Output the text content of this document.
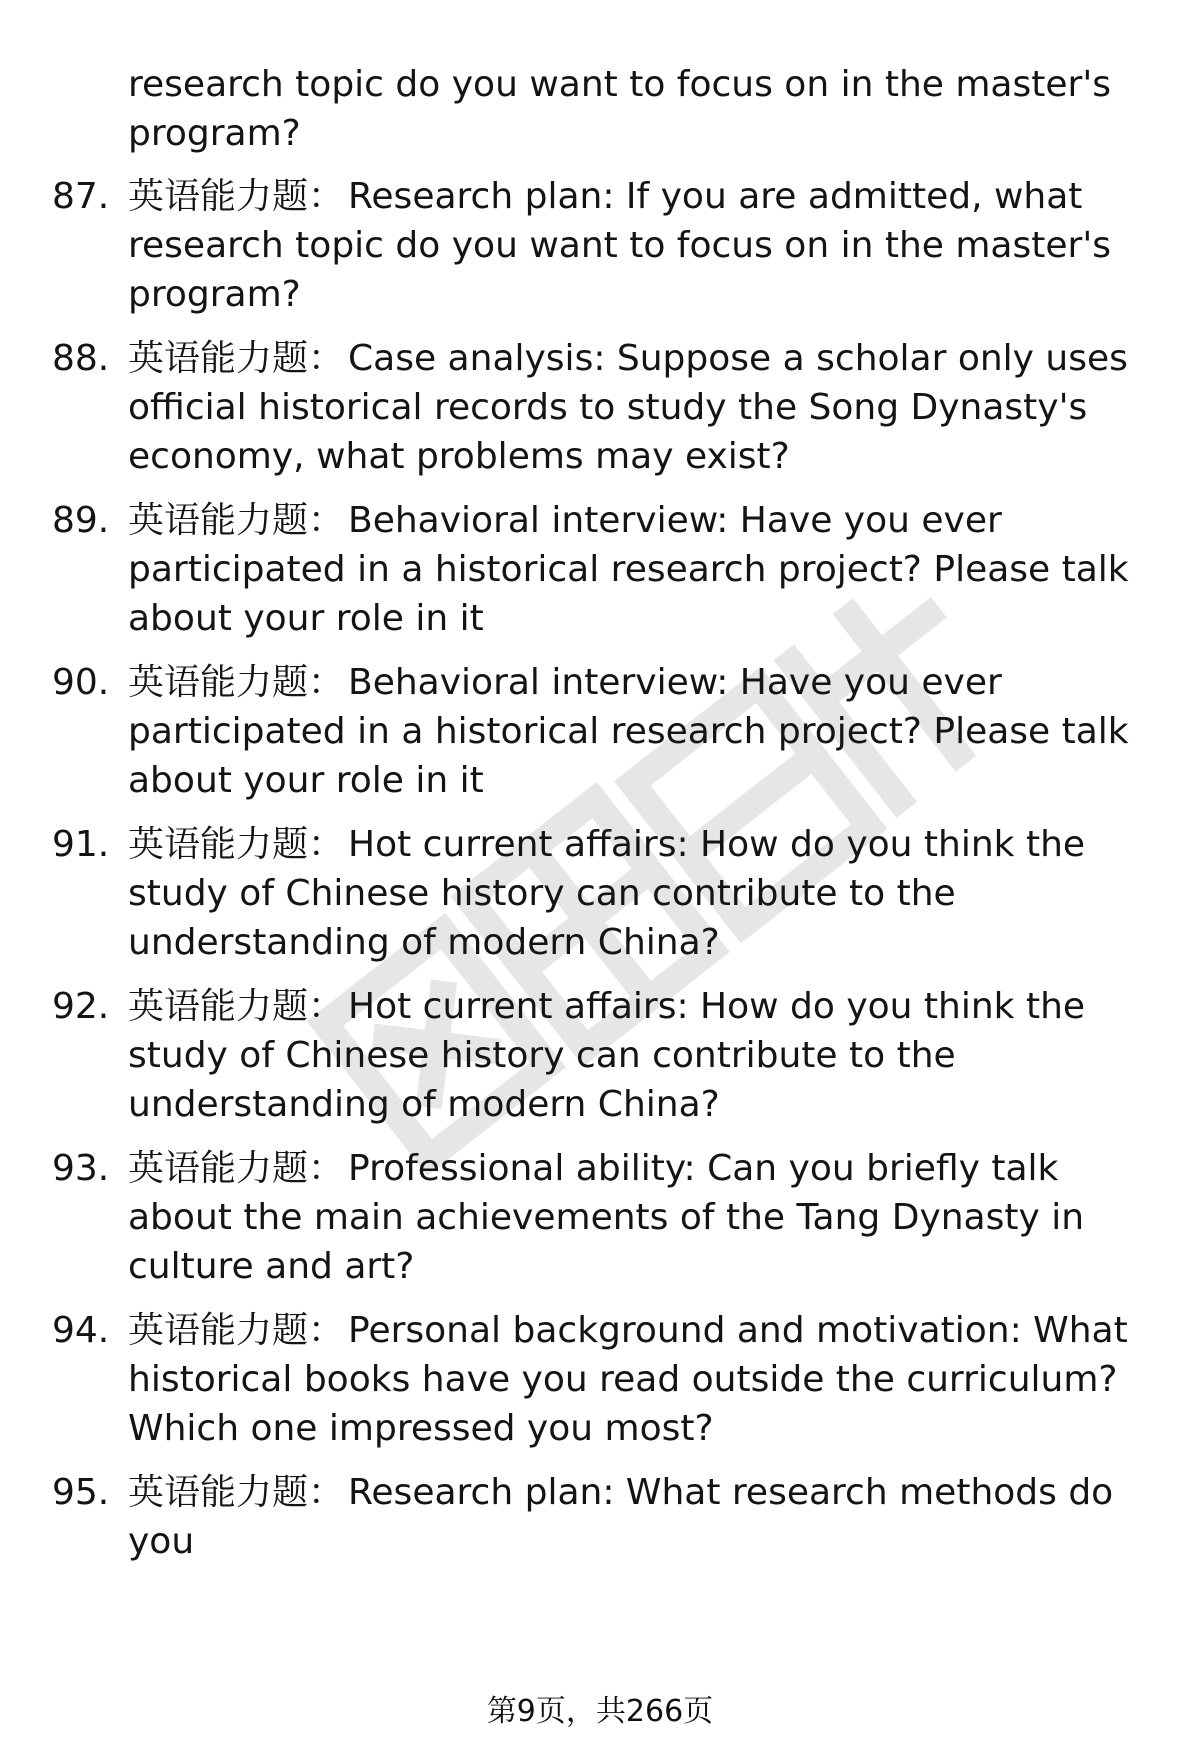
research topic do you want to focus on in the master's program?
87. 英语能力题： Research plan: If you are admitted, what research topic do you want to focus on in the master's program?
88. 英语能力题： Case analysis: Suppose a scholar only uses official historical records to study the Song Dynasty's economy, what problems may exist?
89. 英语能力题： Behavioral interview: Have you ever participated in a historical research project? Please talk about your role in it
90. 英语能力题： Behavioral interview: Have you ever participated in a historical research project? Please talk about your role in it
91. 英语能力题： Hot current affairs: How do you think the study of Chinese history can contribute to the understanding of modern China?
92. 英语能力题： Hot current affairs: How do you think the study of Chinese history can contribute to the understanding of modern China?
93. 英语能力题： Professional ability: Can you briefly talk about the main achievements of the Tang Dynasty in culture and art?
94. 英语能力题： Personal background and motivation: What historical books have you read outside the curriculum? Which one impressed you most?
95. 英语能力题： Research plan: What research methods do you
第9页，共266页
